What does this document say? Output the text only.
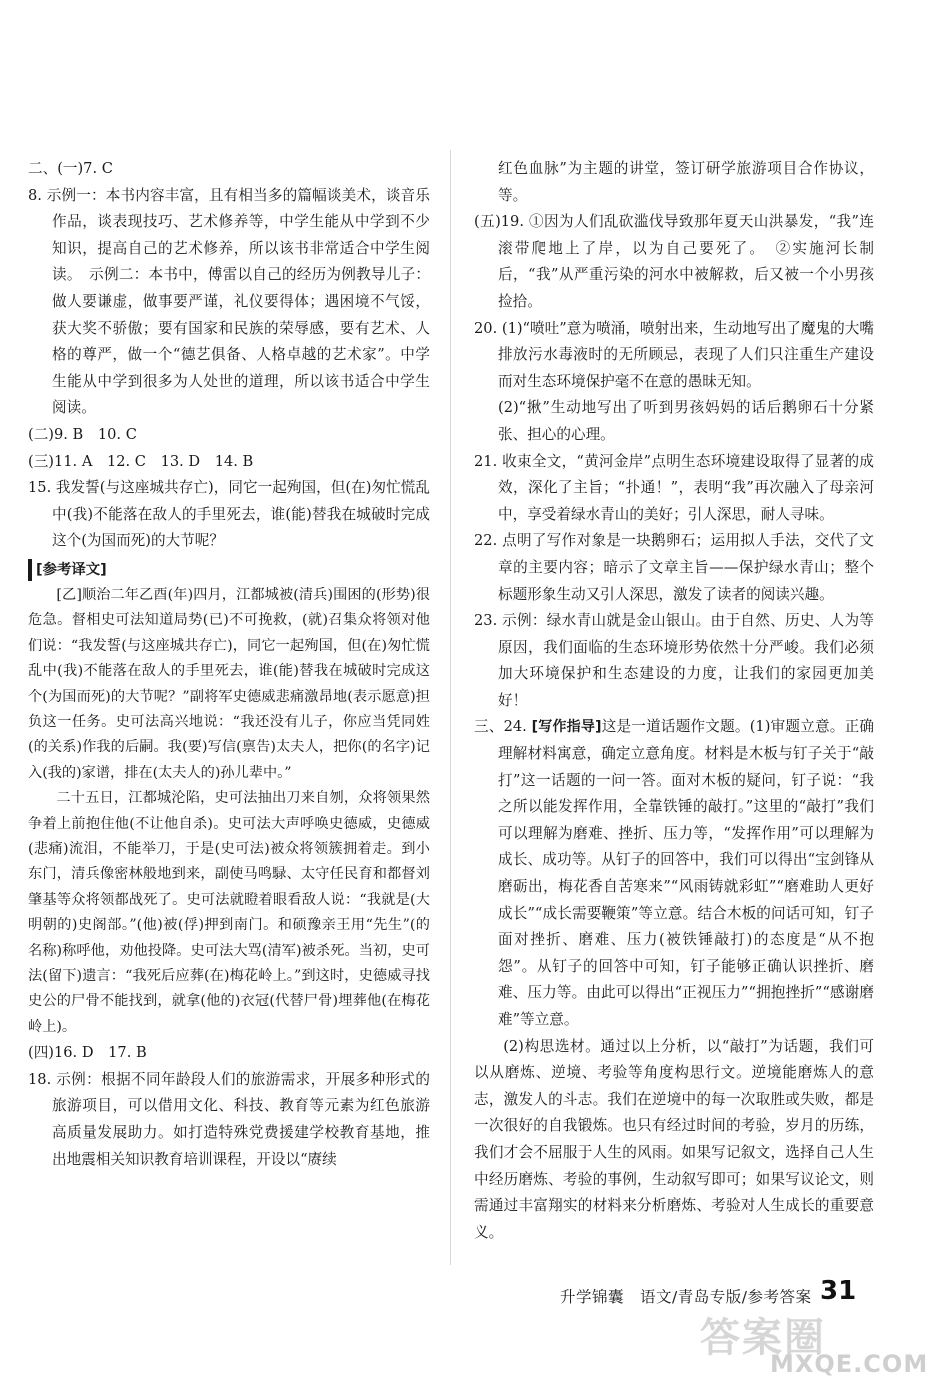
二、(一)7. C

8. 示例一：本书内容丰富，且有相当多的篇幅谈美术，谈音乐作品，谈表现技巧、艺术修养等，中学生能从中学到不少知识，提高自己的艺术修养，所以该书非常适合中学生阅读。　示例二：本书中，傅雷以自己的经历为例教导儿子：做人要谦虚，做事要严谨，礼仪要得体；遇困境不气馁，获大奖不骄傲；要有国家和民族的荣辱感，要有艺术、人格的尊严，做一个“德艺俱备、人格卓越的艺术家”。中学生能从中学到很多为人处世的道理，所以该书适合中学生阅读。

(二)9. B　10. C

(三)11. A　12. C　13. D　14. B

15. 我发誓(与这座城共存亡)，同它一起殉国，但(在)匆忙慌乱中(我)不能落在敌人的手里死去，谁(能)替我在城破时完成这个(为国而死)的大节呢？

[参考译文]

[乙]顺治二年乙酉(年)四月，江都城被(清兵)围困的(形势)很危急。督相史可法知道局势(已)不可挽救，(就)召集众将领对他们说：“我发誓(与这座城共存亡)，同它一起殉国，但(在)匆忙慌乱中(我)不能落在敌人的手里死去，谁(能)替我在城破时完成这个(为国而死)的大节呢？”副将军史德威悲痛激昂地(表示愿意)担负这一任务。史可法高兴地说：“我还没有儿子，你应当凭同姓(的关系)作我的后嗣。我(要)写信(禀告)太夫人，把你(的名字)记入(我的)家谱，排在(太夫人的)孙儿辈中。”

二十五日，江都城沦陷，史可法抽出刀来自刎，众将领果然争着上前抱住他(不让他自杀)。史可法大声呼唤史德威，史德威(悲痛)流泪，不能举刀，于是(史可法)被众将领簇拥着走。到小东门，清兵像密林般地到来，副使马鸣騄、太守任民育和都督刘肇基等众将领都战死了。史可法就瞪着眼看敌人说：“我就是(大明朝的)史阁部。”(他)被(俘)押到南门。和硕豫亲王用“先生”(的名称)称呼他，劝他投降。史可法大骂(清军)被杀死。当初，史可法(留下)遗言：“我死后应葬(在)梅花岭上。”到这时，史德威寻找史公的尸骨不能找到，就拿(他的)衣冠(代替尸骨)埋葬他(在梅花岭上)。

(四)16. D　17. B

18. 示例：根据不同年龄段人们的旅游需求，开展多种形式的旅游项目，可以借用文化、科技、教育等元素为红色旅游高质量发展助力。如打造特殊党费援建学校教育基地，推出地震相关知识教育培训课程，开设以“赓续

红色血脉”为主题的讲堂，签订研学旅游项目合作协议，等。

(五)19. ①因为人们乱砍滥伐导致那年夏天山洪暴发，“我”连滚带爬地上了岸，以为自己要死了。　②实施河长制后，“我”从严重污染的河水中被解救，后又被一个小男孩捡拾。

20. (1)“喷吐”意为喷涌，喷射出来，生动地写出了魔鬼的大嘴排放污水毒液时的无所顾忌，表现了人们只注重生产建设而对生态环境保护毫不在意的愚昧无知。

(2)“揪”生动地写出了听到男孩妈妈的话后鹅卵石十分紧张、担心的心理。

21. 收束全文，“黄河金岸”点明生态环境建设取得了显著的成效，深化了主旨；“扑通！”，表明“我”再次融入了母亲河中，享受着绿水青山的美好；引人深思，耐人寻味。

22. 点明了写作对象是一块鹅卵石；运用拟人手法，交代了文章的主要内容；暗示了文章主旨——保护绿水青山；整个标题形象生动又引人深思，激发了读者的阅读兴趣。

23. 示例：绿水青山就是金山银山。由于自然、历史、人为等原因，我们面临的生态环境形势依然十分严峻。我们必须加大环境保护和生态建设的力度，让我们的家园更加美好！

三、24. [写作指导]这是一道话题作文题。(1)审题立意。正确理解材料寓意，确定立意角度。材料是木板与钉子关于“敲打”这一话题的一问一答。面对木板的疑问，钉子说：“我之所以能发挥作用，全靠铁锤的敲打。”这里的“敲打”我们可以理解为磨难、挫折、压力等，“发挥作用”可以理解为成长、成功等。从钉子的回答中，我们可以得出“宝剑锋从磨砺出，梅花香自苦寒来”“风雨铸就彩虹”“磨难助人更好成长”“成长需要鞭策”等立意。结合木板的问话可知，钉子面对挫折、磨难、压力(被铁锤敲打)的态度是“从不抱怨”。从钉子的回答中可知，钉子能够正确认识挫折、磨难、压力等。由此可以得出“正视压力”“拥抱挫折”“感谢磨难”等立意。

(2)构思选材。通过以上分析，以“敲打”为话题，我们可以从磨炼、逆境、考验等角度构思行文。逆境能磨炼人的意志，激发人的斗志。我们在逆境中的每一次取胜或失败，都是一次很好的自我锻炼。也只有经过时间的考验，岁月的历练，我们才会不屈服于人生的风雨。如果写记叙文，选择自己人生中经历磨炼、考验的事例，生动叙写即可；如果写议论文，则需通过丰富翔实的材料来分析磨炼、考验对人生成长的重要意义。

升学锦囊　语文/青岛专版/参考答案 31
答案圈
MXQE.COM
